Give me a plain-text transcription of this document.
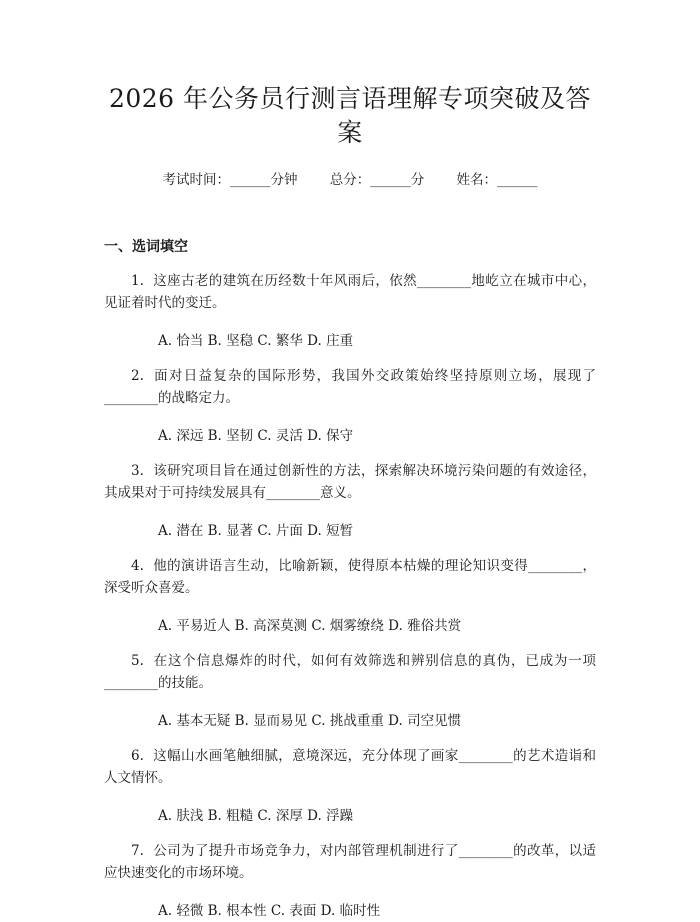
2026 年公务员行测言语理解专项突破及答案
考试时间：______分钟 总分：______分 姓名：______
一、选词填空
1. 这座古老的建筑在历经数十年风雨后，依然________地屹立在城市中心，见证着时代的变迁。
A. 恰当 B. 坚稳 C. 繁华 D. 庄重
2. 面对日益复杂的国际形势，我国外交政策始终坚持原则立场，展现了________的战略定力。
A. 深远 B. 坚韧 C. 灵活 D. 保守
3. 该研究项目旨在通过创新性的方法，探索解决环境污染问题的有效途径，其成果对于可持续发展具有________意义。
A. 潜在 B. 显著 C. 片面 D. 短暂
4. 他的演讲语言生动，比喻新颖，使得原本枯燥的理论知识变得________，深受听众喜爱。
A. 平易近人 B. 高深莫测 C. 烟雾缭绕 D. 雅俗共赏
5. 在这个信息爆炸的时代，如何有效筛选和辨别信息的真伪，已成为一项________的技能。
A. 基本无疑 B. 显而易见 C. 挑战重重 D. 司空见惯
6. 这幅山水画笔触细腻，意境深远，充分体现了画家________的艺术造诣和人文情怀。
A. 肤浅 B. 粗糙 C. 深厚 D. 浮躁
7. 公司为了提升市场竞争力，对内部管理机制进行了________的改革，以适应快速变化的市场环境。
A. 轻微 B. 根本性 C. 表面 D. 临时性
